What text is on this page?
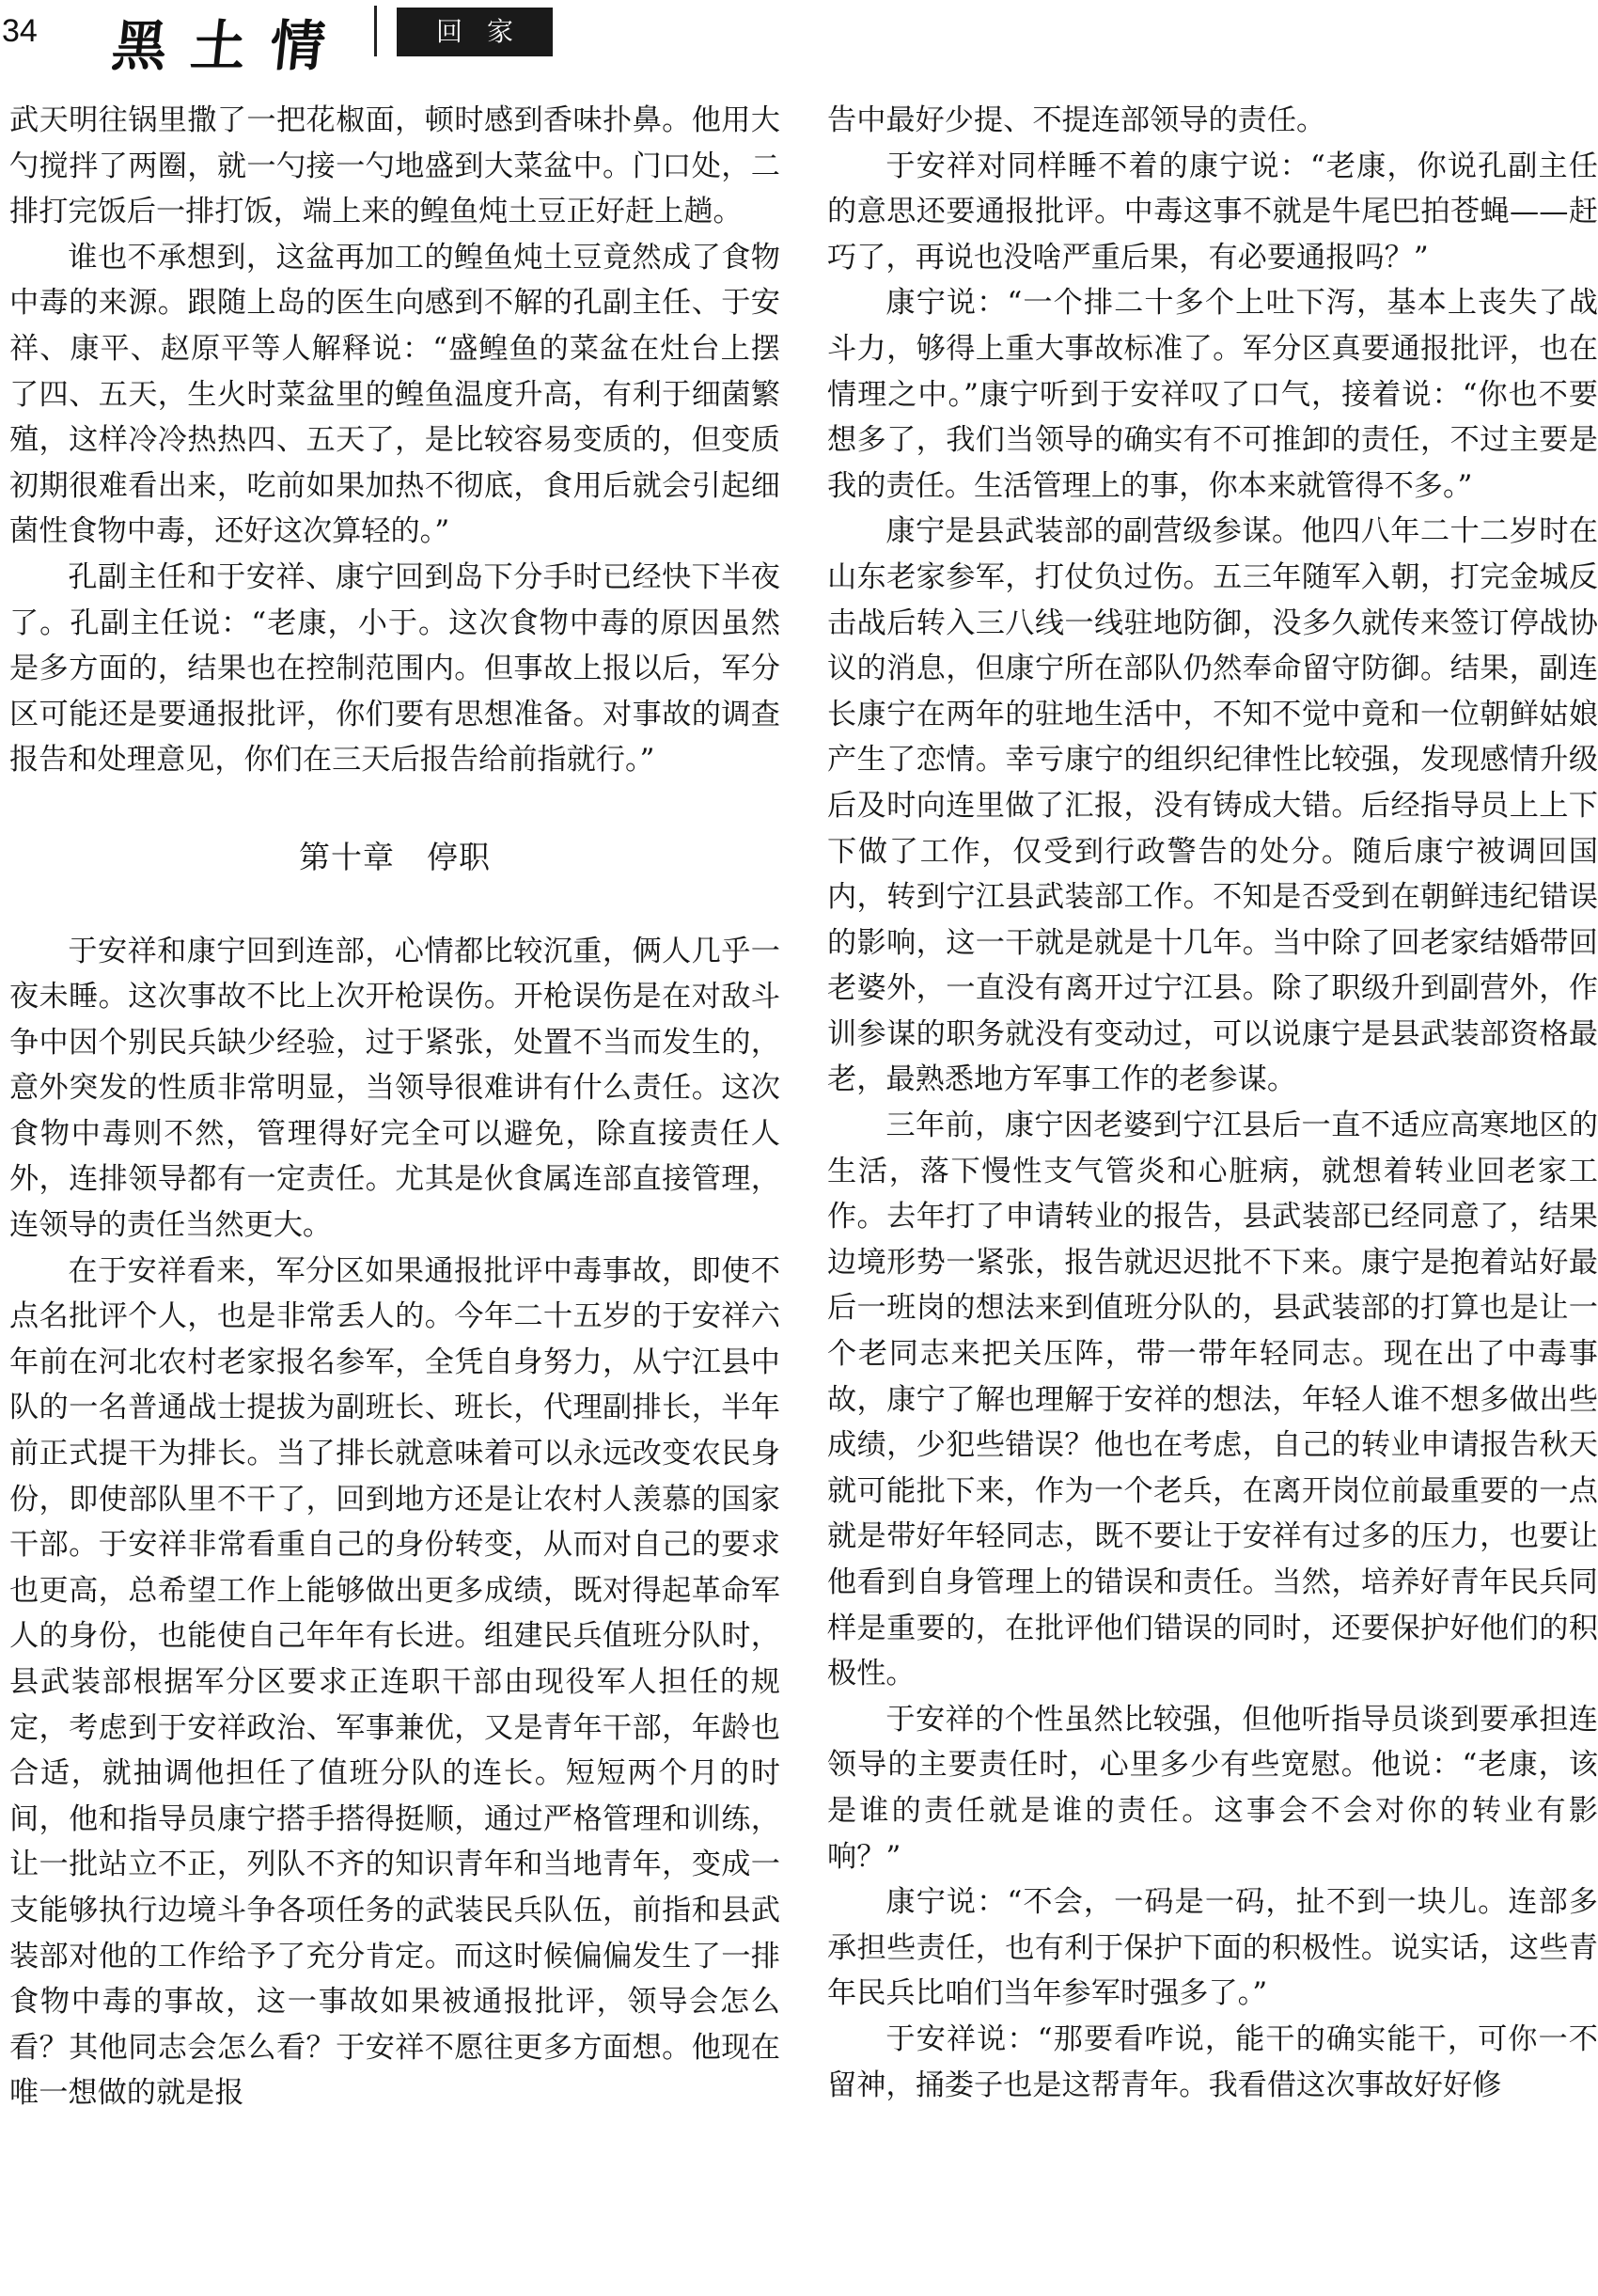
34 黑土情	回家

武天明往锅里撒了一把花椒面，顿时感到香味扑鼻。他用大勺搅拌了两圈，就一勺接一勺地盛到大菜盆中。门口处，二排打完饭后一排打饭，端上来的鳇鱼炖土豆正好赶上趟。

谁也不承想到，这盆再加工的鳇鱼炖土豆竟然成了食物中毒的来源。跟随上岛的医生向感到不解的孔副主任、于安祥、康平、赵原平等人解释说：“盛鳇鱼的菜盆在灶台上摆了四、五天，生火时菜盆里的鳇鱼温度升高，有利于细菌繁殖，这样冷冷热热四、五天了，是比较容易变质的，但变质初期很难看出来，吃前如果加热不彻底，食用后就会引起细菌性食物中毒，还好这次算轻的。”

孔副主任和于安祥、康宁回到岛下分手时已经快下半夜了。孔副主任说：“老康，小于。这次食物中毒的原因虽然是多方面的，结果也在控制范围内。但事故上报以后，军分区可能还是要通报批评，你们要有思想准备。对事故的调查报告和处理意见，你们在三天后报告给前指就行。”

第十章　停职

于安祥和康宁回到连部，心情都比较沉重，俩人几乎一夜未睡。这次事故不比上次开枪误伤。开枪误伤是在对敌斗争中因个别民兵缺少经验，过于紧张，处置不当而发生的，意外突发的性质非常明显，当领导很难讲有什么责任。这次食物中毒则不然，管理得好完全可以避免，除直接责任人外，连排领导都有一定责任。尤其是伙食属连部直接管理，连领导的责任当然更大。

在于安祥看来，军分区如果通报批评中毒事故，即使不点名批评个人，也是非常丢人的。今年二十五岁的于安祥六年前在河北农村老家报名参军，全凭自身努力，从宁江县中队的一名普通战士提拔为副班长、班长，代理副排长，半年前正式提干为排长。当了排长就意味着可以永远改变农民身份，即使部队里不干了，回到地方还是让农村人羡慕的国家干部。于安祥非常看重自己的身份转变，从而对自己的要求也更高，总希望工作上能够做出更多成绩，既对得起革命军人的身份，也能使自己年年有长进。组建民兵值班分队时，县武装部根据军分区要求正连职干部由现役军人担任的规定，考虑到于安祥政治、军事兼优，又是青年干部，年龄也合适，就抽调他担任了值班分队的连长。短短两个月的时间，他和指导员康宁搭手搭得挺顺，通过严格管理和训练，让一批站立不正，列队不齐的知识青年和当地青年，变成一支能够执行边境斗争各项任务的武装民兵队伍，前指和县武装部对他的工作给予了充分肯定。而这时候偏偏发生了一排食物中毒的事故，这一事故如果被通报批评，领导会怎么看？其他同志会怎么看？于安祥不愿往更多方面想。他现在唯一想做的就是报

告中最好少提、不提连部领导的责任。

于安祥对同样睡不着的康宁说：“老康，你说孔副主任的意思还要通报批评。中毒这事不就是牛尾巴拍苍蝇——赶巧了，再说也没啥严重后果，有必要通报吗？”

康宁说：“一个排二十多个上吐下泻，基本上丧失了战斗力，够得上重大事故标准了。军分区真要通报批评，也在情理之中。”康宁听到于安祥叹了口气，接着说：“你也不要想多了，我们当领导的确实有不可推卸的责任，不过主要是我的责任。生活管理上的事，你本来就管得不多。”

康宁是县武装部的副营级参谋。他四八年二十二岁时在山东老家参军，打仗负过伤。五三年随军入朝，打完金城反击战后转入三八线一线驻地防御，没多久就传来签订停战协议的消息，但康宁所在部队仍然奉命留守防御。结果，副连长康宁在两年的驻地生活中，不知不觉中竟和一位朝鲜姑娘产生了恋情。幸亏康宁的组织纪律性比较强，发现感情升级后及时向连里做了汇报，没有铸成大错。后经指导员上上下下做了工作，仅受到行政警告的处分。随后康宁被调回国内，转到宁江县武装部工作。不知是否受到在朝鲜违纪错误的影响，这一干就是就是十几年。当中除了回老家结婚带回老婆外，一直没有离开过宁江县。除了职级升到副营外，作训参谋的职务就没有变动过，可以说康宁是县武装部资格最老，最熟悉地方军事工作的老参谋。

三年前，康宁因老婆到宁江县后一直不适应高寒地区的生活，落下慢性支气管炎和心脏病，就想着转业回老家工作。去年打了申请转业的报告，县武装部已经同意了，结果边境形势一紧张，报告就迟迟批不下来。康宁是抱着站好最后一班岗的想法来到值班分队的，县武装部的打算也是让一个老同志来把关压阵，带一带年轻同志。现在出了中毒事故，康宁了解也理解于安祥的想法，年轻人谁不想多做出些成绩，少犯些错误？他也在考虑，自己的转业申请报告秋天就可能批下来，作为一个老兵，在离开岗位前最重要的一点就是带好年轻同志，既不要让于安祥有过多的压力，也要让他看到自身管理上的错误和责任。当然，培养好青年民兵同样是重要的，在批评他们错误的同时，还要保护好他们的积极性。

于安祥的个性虽然比较强，但他听指导员谈到要承担连领导的主要责任时，心里多少有些宽慰。他说：“老康，该是谁的责任就是谁的责任。这事会不会对你的转业有影响？”

康宁说：“不会，一码是一码，扯不到一块儿。连部多承担些责任，也有利于保护下面的积极性。说实话，这些青年民兵比咱们当年参军时强多了。”

于安祥说：“那要看咋说，能干的确实能干，可你一不留神，捅娄子也是这帮青年。我看借这次事故好好修
